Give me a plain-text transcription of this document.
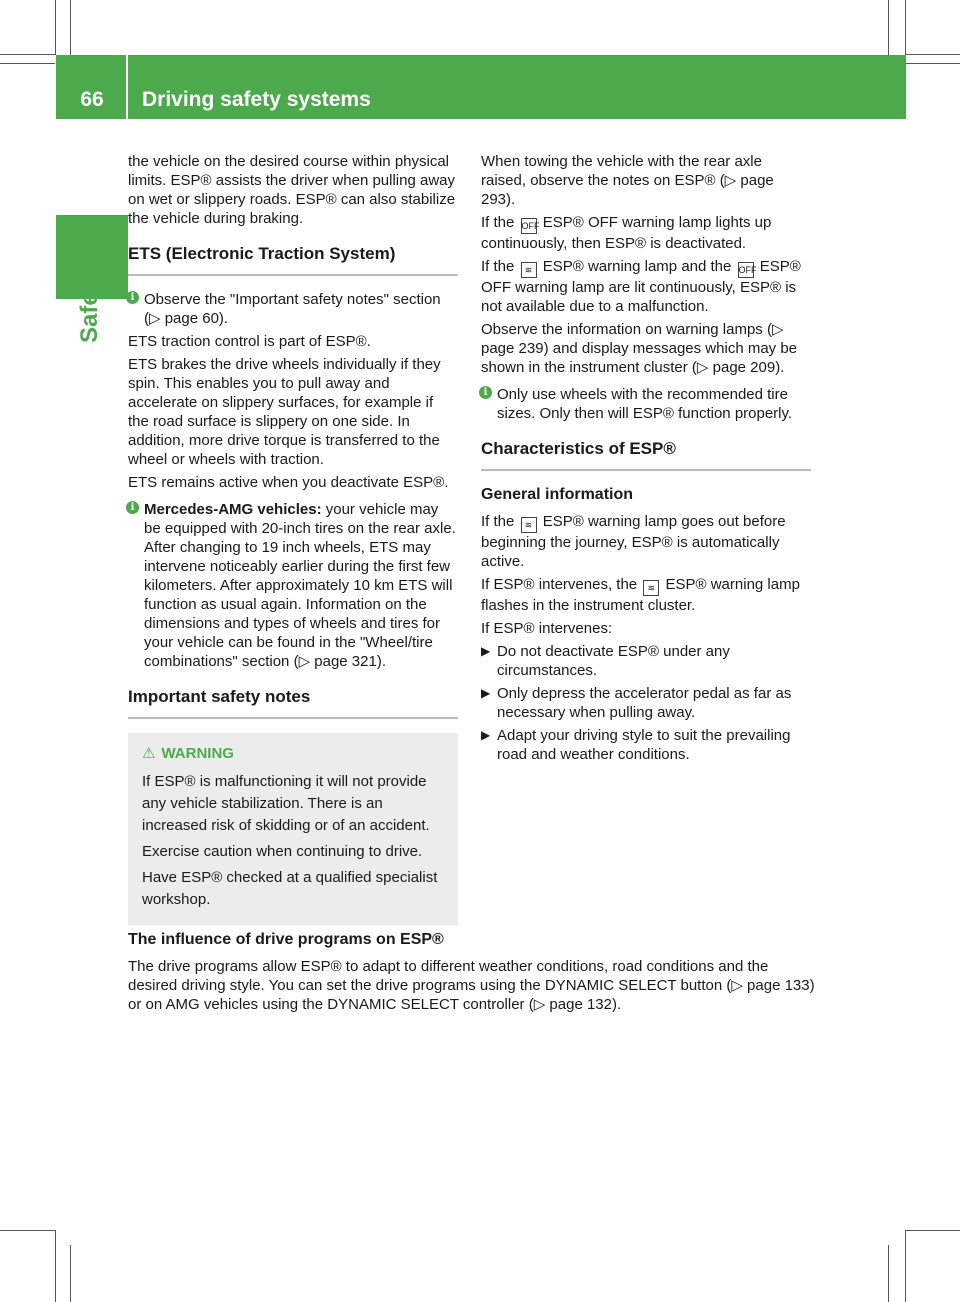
66	Driving safety systems
Safety

the vehicle on the desired course within physical limits. ESP® assists the driver when pulling away on wet or slippery roads. ESP® can also stabilize the vehicle during braking.

ETS (Electronic Traction System)
i Observe the "Important safety notes" section (▷ page 60).

ETS traction control is part of ESP®.

ETS brakes the drive wheels individually if they spin. This enables you to pull away and accelerate on slippery surfaces, for example if the road surface is slippery on one side. In addition, more drive torque is transferred to the wheel or wheels with traction.

ETS remains active when you deactivate ESP®.

i Mercedes-AMG vehicles: your vehicle may be equipped with 20-inch tires on the rear axle. After changing to 19 inch wheels, ETS may intervene noticeably earlier during the first few kilometers. After approximately 10 km ETS will function as usual again. Information on the dimensions and types of wheels and tires for your vehicle can be found in the "Wheel/tire combinations" section (▷ page 321).
Important safety notes
⚠ WARNING

If ESP® is malfunctioning it will not provide any vehicle stabilization. There is an increased risk of skidding or of an accident.

Exercise caution when continuing to drive.

Have ESP® checked at a qualified specialist workshop.

When towing the vehicle with the rear axle raised, observe the notes on ESP® (▷ page 293).

If the OFF ESP® OFF warning lamp lights up continuously, then ESP® is deactivated.

If the ≋ ESP® warning lamp and the OFF ESP® OFF warning lamp are lit continuously, ESP® is not available due to a malfunction.

Observe the information on warning lamps (▷ page 239) and display messages which may be shown in the instrument cluster (▷ page 209).

i Only use wheels with the recommended tire sizes. Only then will ESP® function properly.
Characteristics of ESP®
General information

If the ≋ ESP® warning lamp goes out before beginning the journey, ESP® is automatically active.

If ESP® intervenes, the ≋ ESP® warning lamp flashes in the instrument cluster.

If ESP® intervenes:

▶ Do not deactivate ESP® under any circumstances.
▶ Only depress the accelerator pedal as far as necessary when pulling away.
▶ Adapt your driving style to suit the prevailing road and weather conditions.
The influence of drive programs on ESP®

The drive programs allow ESP® to adapt to different weather conditions, road conditions and the desired driving style. You can set the drive programs using the DYNAMIC SELECT button (▷ page 133) or on AMG vehicles using the DYNAMIC SELECT controller (▷ page 132).
